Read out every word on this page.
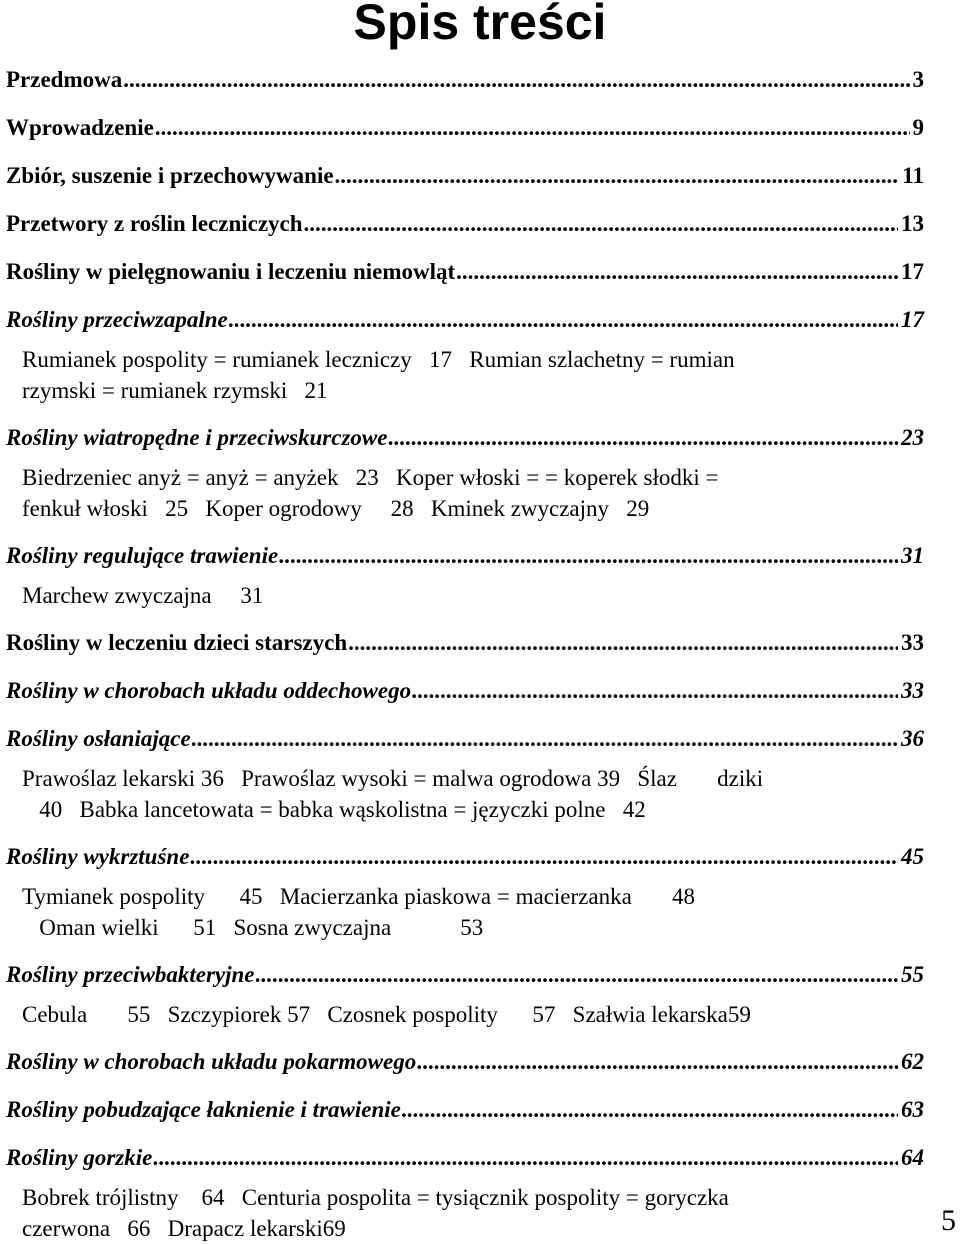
Spis treści
Przedmowa .....	3
Wprowadzenie .....	9
Zbiór, suszenie i przechowywanie .....	11
Przetwory z roślin leczniczych .....	13
Rośliny w pielęgnowaniu i leczeniu niemowląt .....	17
Rośliny przeciwzapalne .....	17
Rumianek pospolity = rumianek leczniczy   17   Rumian szlachetny = rumian
rzymski = rumianek rzymski   21
Rośliny wiatropędne i przeciwskurczowe .....	23
Biedrzeniec anyż = anyż = anyżek   23   Koper włoski = = koperek słodki =
fenkuł włoski   25   Koper ogrodowy     28   Kminek zwyczajny   29
Rośliny regulujące trawienie .....	31
Marchew zwyczajna     31
Rośliny w leczeniu dzieci starszych .....	33
Rośliny w chorobach układu oddechowego .....	33
Rośliny osłaniające .....	36
Prawoślaz lekarski 36   Prawoślaz wysoki = malwa ogrodowa 39   Ślaz       dziki
40   Babka lancetowata = babka wąskolistna = języczki polne   42
Rośliny wykrztuśne .....	45
Tymianek pospolity      45   Macierzanka piaskowa = macierzanka       48
Oman wielki      51   Sosna zwyczajna            53
Rośliny przeciwbakteryjne .....	55
Cebula       55   Szczypiorek 57   Czosnek pospolity      57   Szałwia lekarska59
Rośliny w chorobach układu pokarmowego .....	62
Rośliny pobudzające łaknienie i trawienie .....	63
Rośliny gorzkie .....	64
Bobrek trójlistny    64   Centuria pospolita = tysiącznik pospolity = goryczka
czerwona   66   Drapacz lekarski69	5
